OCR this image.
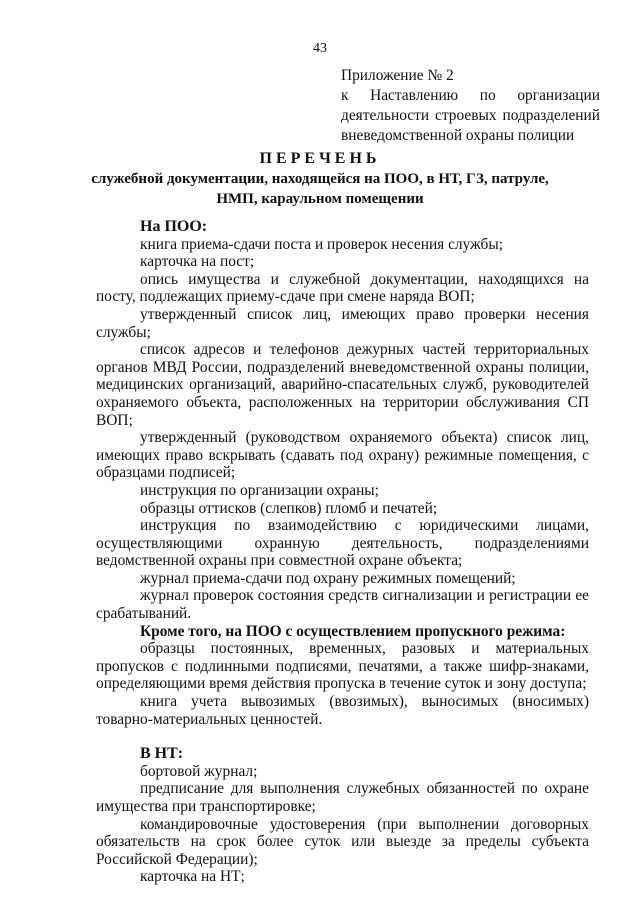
43

Приложение № 2

к Наставлению по организации

деятельности строевых подразделений

вневедомственной охраны полиции

ПЕРЕЧЕНЬ

служебной документации, находящейся на ПОО, в НТ, ГЗ, патруле,

НМП, караульном помещении

На ПОО:

книга приема-сдачи поста и проверок несения службы;

карточка на пост;

опись имущества и служебной документации, находящихся на посту, подлежащих приему-сдаче при смене наряда ВОП;

утвержденный список лиц, имеющих право проверки несения службы;

список адресов и телефонов дежурных частей территориальных органов МВД России, подразделений вневедомственной охраны полиции, медицинских организаций, аварийно-спасательных служб, руководителей охраняемого объекта, расположенных на территории обслуживания СП ВОП;

утвержденный (руководством охраняемого объекта) список лиц, имеющих право вскрывать (сдавать под охрану) режимные помещения, с образцами подписей;

инструкция по организации охраны;

образцы оттисков (слепков) пломб и печатей;

инструкция по взаимодействию с юридическими лицами, осуществляющими охранную деятельность, подразделениями ведомственной охраны при совместной охране объекта;

журнал приема-сдачи под охрану режимных помещений;

журнал проверок состояния средств сигнализации и регистрации ее срабатываний.

Кроме того, на ПОО с осуществлением пропускного режима:

образцы постоянных, временных, разовых и материальных пропусков с подлинными подписями, печатями, а также шифр-знаками, определяющими время действия пропуска в течение суток и зону доступа;

книга учета вывозимых (ввозимых), выносимых (вносимых) товарно-материальных ценностей.

В НТ:

бортовой журнал;

предписание для выполнения служебных обязанностей по охране имущества при транспортировке;

командировочные удостоверения (при выполнении договорных обязательств на срок более суток или выезде за пределы субъекта Российской Федерации);

карточка на НТ;
